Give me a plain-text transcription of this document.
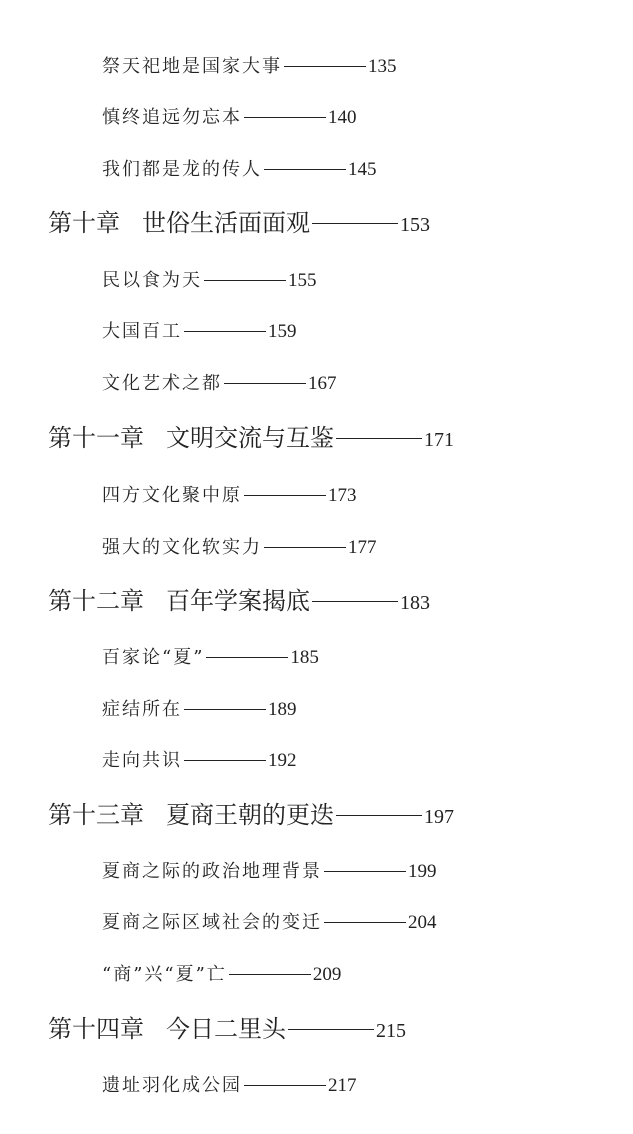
祭天祀地是国家大事	135
慎终追远勿忘本	140
我们都是龙的传人	145
第十章 世俗生活面面观	153
民以食为天	155
大国百工	159
文化艺术之都	167
第十一章 文明交流与互鉴	171
四方文化聚中原	173
强大的文化软实力	177
第十二章 百年学案揭底	183
百家论“夏”	185
症结所在	189
走向共识	192
第十三章 夏商王朝的更迭	197
夏商之际的政治地理背景	199
夏商之际区域社会的变迁	204
“商”兴“夏”亡	209
第十四章 今日二里头	215
遗址羽化成公园	217
